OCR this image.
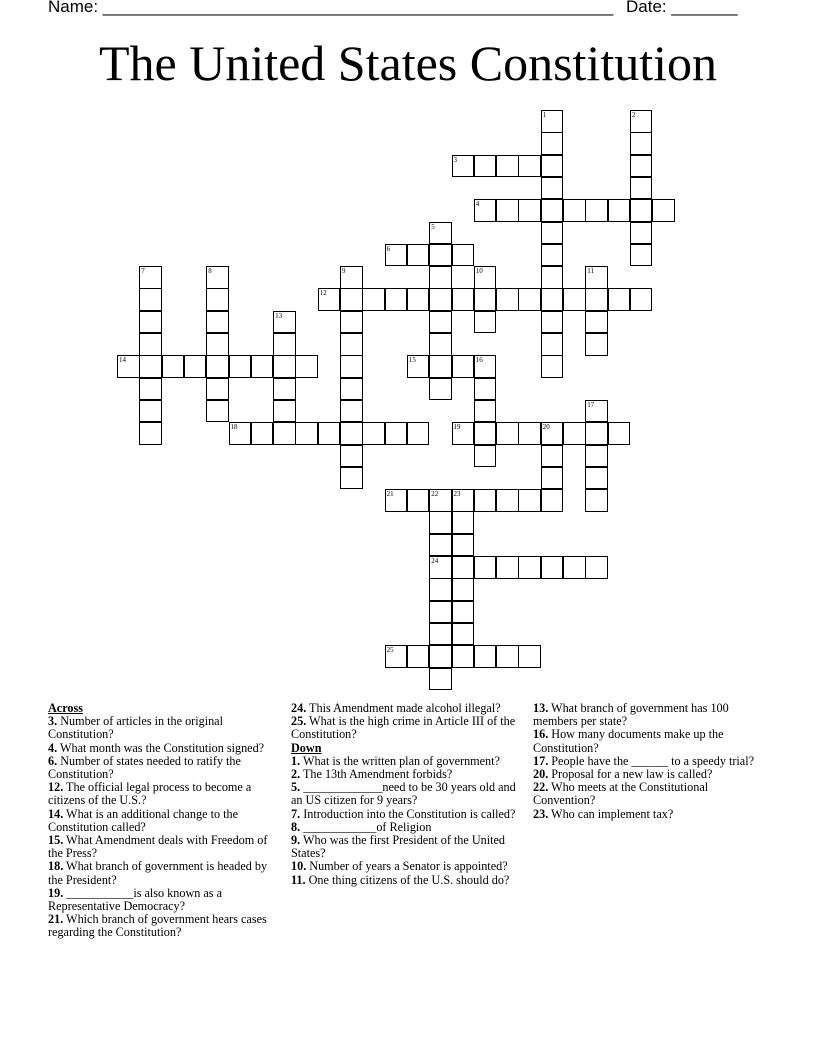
Name: ______________________________________________________ Date: _______
The United States Constitution
1	2
3
4
5
6
7	8	9	10	11
12
13
14	15	16
17
18	19	20
21	22 23
24
25
Across
3. Number of articles in the original Constitution?
4. What month was the Constitution signed?
6. Number of states needed to ratify the Constitution?
12. The official legal process to become a citizens of the U.S.?
14. What is an additional change to the Constitution called?
15. What Amendment deals with Freedom of the Press?
18. What branch of government is headed by the President?
19. ___________is also known as a Representative Democracy?
21. Which branch of government hears cases regarding the Constitution?
24. This Amendment made alcohol illegal?
25. What is the high crime in Article III of the Constitution?
Down
1. What is the written plan of government?
2. The 13th Amendment forbids?
5. _____________need to be 30 years old and an US citizen for 9 years?
7. Introduction into the Constitution is called?
8. ____________of Religion
9. Who was the first President of the United States?
10. Number of years a Senator is appointed?
11. One thing citizens of the U.S. should do?
13. What branch of government has 100 members per state?
16. How many documents make up the Constitution?
17. People have the ______ to a speedy trial?
20. Proposal for a new law is called?
22. Who meets at the Constitutional Convention?
23. Who can implement tax?
